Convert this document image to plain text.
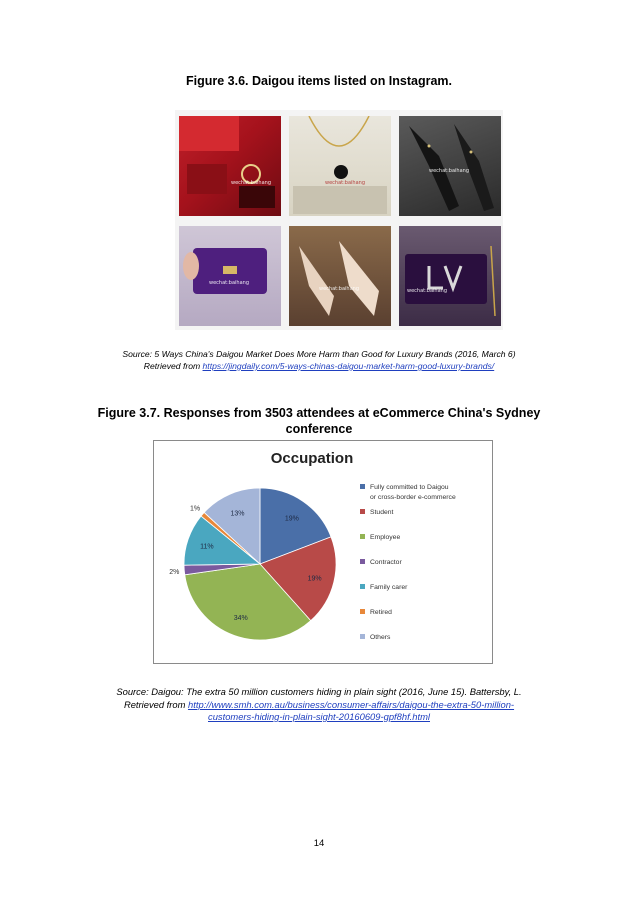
Figure 3.6. Daigou items listed on Instagram.
wechat:baihang	wechat:baihang
wechat:baihang
wechat:baihang
wechat:baihang	wechat:baihang
Source: 5 Ways China's Daigou Market Does More Harm than Good for Luxury Brands (2016, March 6)
Retrieved from https://jingdaily.com/5-ways-chinas-daigou-market-harm-good-luxury-brands/
Figure 3.7. Responses from 3503 attendees at eCommerce China's Sydney
conference
Occupation
19%
19%
34%
2%
11%
1%
13%
Fully committed to Daigou
or cross-border e-commerce
Student
Employee
Contractor
Family carer
Retired
Others
Source: Daigou: The extra 50 million customers hiding in plain sight (2016, June 15). Battersby, L.
Retrieved from http://www.smh.com.au/business/consumer-affairs/daigou-the-extra-50-million-
customers-hiding-in-plain-sight-20160609-gpf8hf.html
14
